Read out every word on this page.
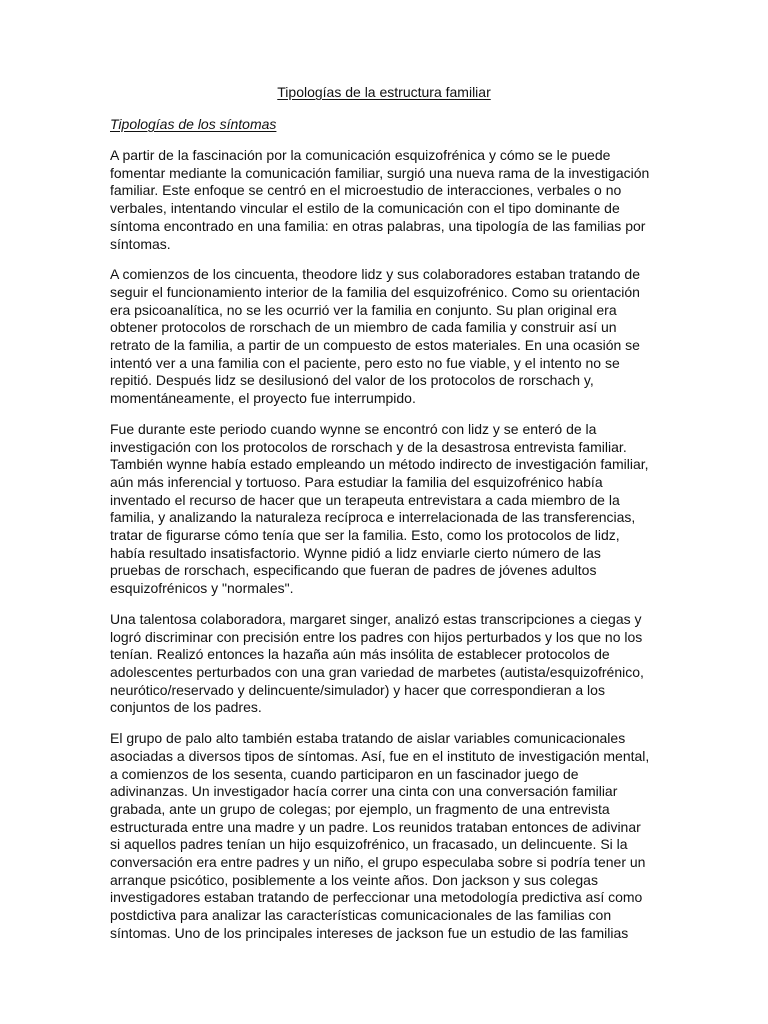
Tipologías de la estructura familiar
Tipologías de los síntomas

A partir de la fascinación por la comunicación esquizofrénica y cómo se le puede
fomentar mediante la comunicación familiar, surgió una nueva rama de la investigación
familiar. Este enfoque se centró en el microestudio de interacciones, verbales o no
verbales, intentando vincular el estilo de la comunicación con el tipo dominante de
síntoma encontrado en una familia: en otras palabras, una tipología de las familias por
síntomas.

A comienzos de los cincuenta, theodore lidz y sus colaboradores estaban tratando de
seguir el funcionamiento interior de la familia del esquizofrénico. Como su orientación
era psicoanalítica, no se les ocurrió ver la familia en conjunto. Su plan original era
obtener protocolos de rorschach de un miembro de cada familia y construir así un
retrato de la familia, a partir de un compuesto de estos materiales. En una ocasión se
intentó ver a una familia con el paciente, pero esto no fue viable, y el intento no se
repitió. Después lidz se desilusionó del valor de los protocolos de rorschach y,
momentáneamente, el proyecto fue interrumpido.

Fue durante este periodo cuando wynne se encontró con lidz y se enteró de la
investigación con los protocolos de rorschach y de la desastrosa entrevista familiar.
También wynne había estado empleando un método indirecto de investigación familiar,
aún más inferencial y tortuoso. Para estudiar la familia del esquizofrénico había
inventado el recurso de hacer que un terapeuta entrevistara a cada miembro de la
familia, y analizando la naturaleza recíproca e interrelacionada de las transferencias,
tratar de figurarse cómo tenía que ser la familia. Esto, como los protocolos de lidz,
había resultado insatisfactorio. Wynne pidió a lidz enviarle cierto número de las
pruebas de rorschach, especificando que fueran de padres de jóvenes adultos
esquizofrénicos y "normales".

Una talentosa colaboradora, margaret singer, analizó estas transcripciones a ciegas y
logró discriminar con precisión entre los padres con hijos perturbados y los que no los
tenían. Realizó entonces la hazaña aún más insólita de establecer protocolos de
adolescentes perturbados con una gran variedad de marbetes (autista/esquizofrénico,
neurótico/reservado y delincuente/simulador) y hacer que correspondieran a los
conjuntos de los padres.

El grupo de palo alto también estaba tratando de aislar variables comunicacionales
asociadas a diversos tipos de síntomas. Así, fue en el instituto de investigación mental,
a comienzos de los sesenta, cuando participaron en un fascinador juego de
adivinanzas. Un investigador hacía correr una cinta con una conversación familiar
grabada, ante un grupo de colegas; por ejemplo, un fragmento de una entrevista
estructurada entre una madre y un padre. Los reunidos trataban entonces de adivinar
si aquellos padres tenían un hijo esquizofrénico, un fracasado, un delincuente. Si la
conversación era entre padres y un niño, el grupo especulaba sobre si podría tener un
arranque psicótico, posiblemente a los veinte años. Don jackson y sus colegas
investigadores estaban tratando de perfeccionar una metodología predictiva así como
postdictiva para analizar las características comunicacionales de las familias con
síntomas. Uno de los principales intereses de jackson fue un estudio de las familias
